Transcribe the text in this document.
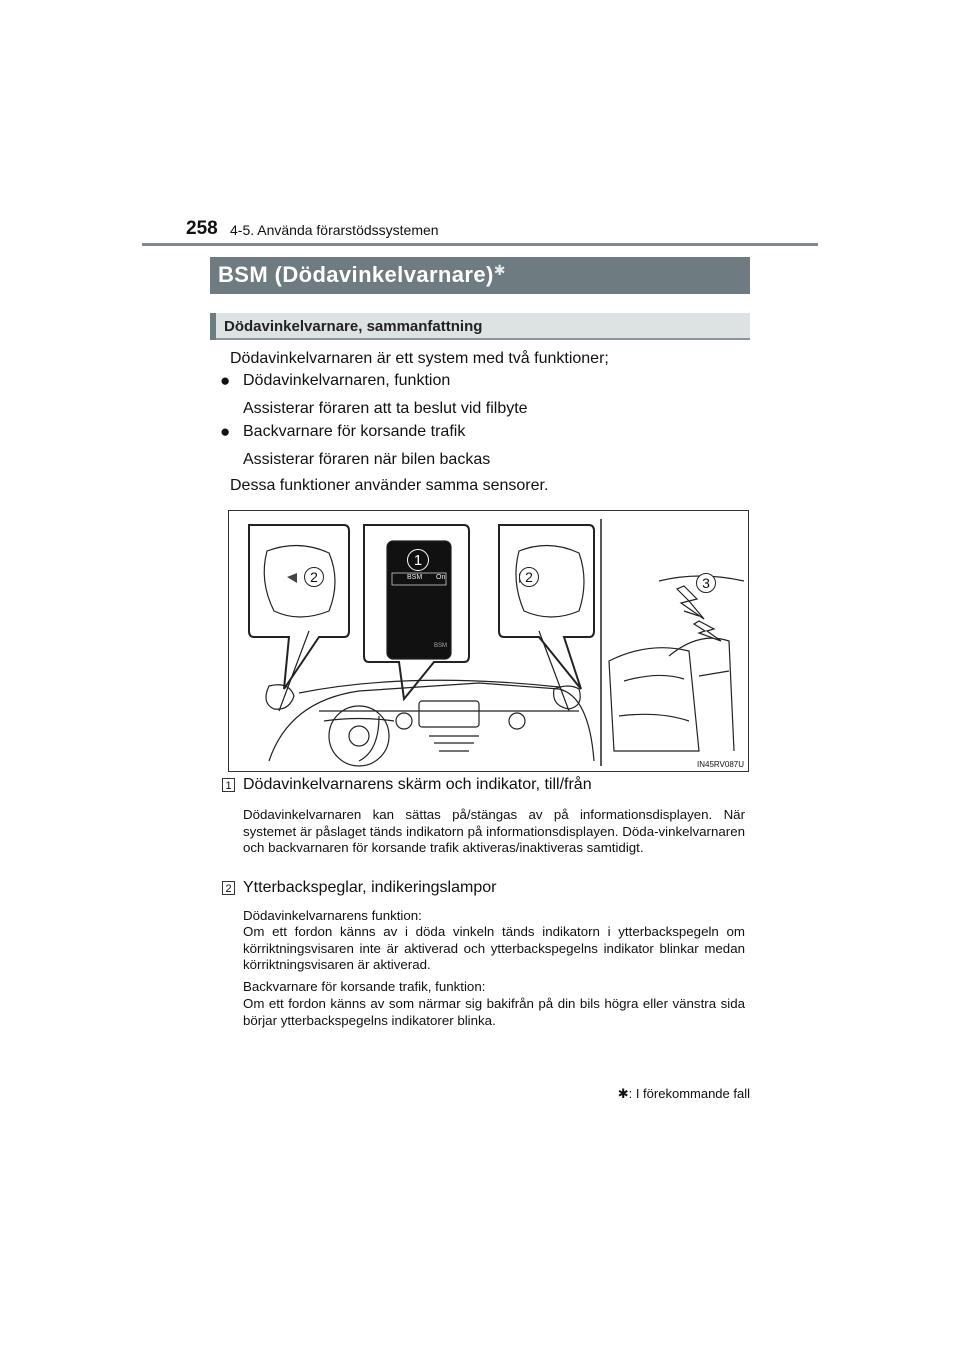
258 4-5. Använda förarstödssystemen
BSM (Dödavinkelvarnare)✱
Dödavinkelvarnare, sammanfattning
Dödavinkelvarnaren är ett system med två funktioner;
● Dödavinkelvarnaren, funktion
Assisterar föraren att ta beslut vid filbyte
● Backvarnare för korsande trafik
Assisterar föraren när bilen backas
Dessa funktioner använder samma sensorer.
1
2	2	3
BSM On
BSM
IN45RV087U
1 Dödavinkelvarnarens skärm och indikator, till/från
Dödavinkelvarnaren kan sättas på/stängas av på informationsdisplayen. När systemet är påslaget tänds indikatorn på informationsdisplayen. Döda-vinkelvarnaren och backvarnaren för korsande trafik aktiveras/inaktiveras samtidigt.
2 Ytterbackspeglar, indikeringslampor
Dödavinkelvarnarens funktion:
Om ett fordon känns av i döda vinkeln tänds indikatorn i ytterbackspegeln om körriktningsvisaren inte är aktiverad och ytterbackspegelns indikator blinkar medan körriktningsvisaren är aktiverad.
Backvarnare för korsande trafik, funktion:
Om ett fordon känns av som närmar sig bakifrån på din bils högra eller vänstra sida börjar ytterbackspegelns indikatorer blinka.
✱: I förekommande fall
